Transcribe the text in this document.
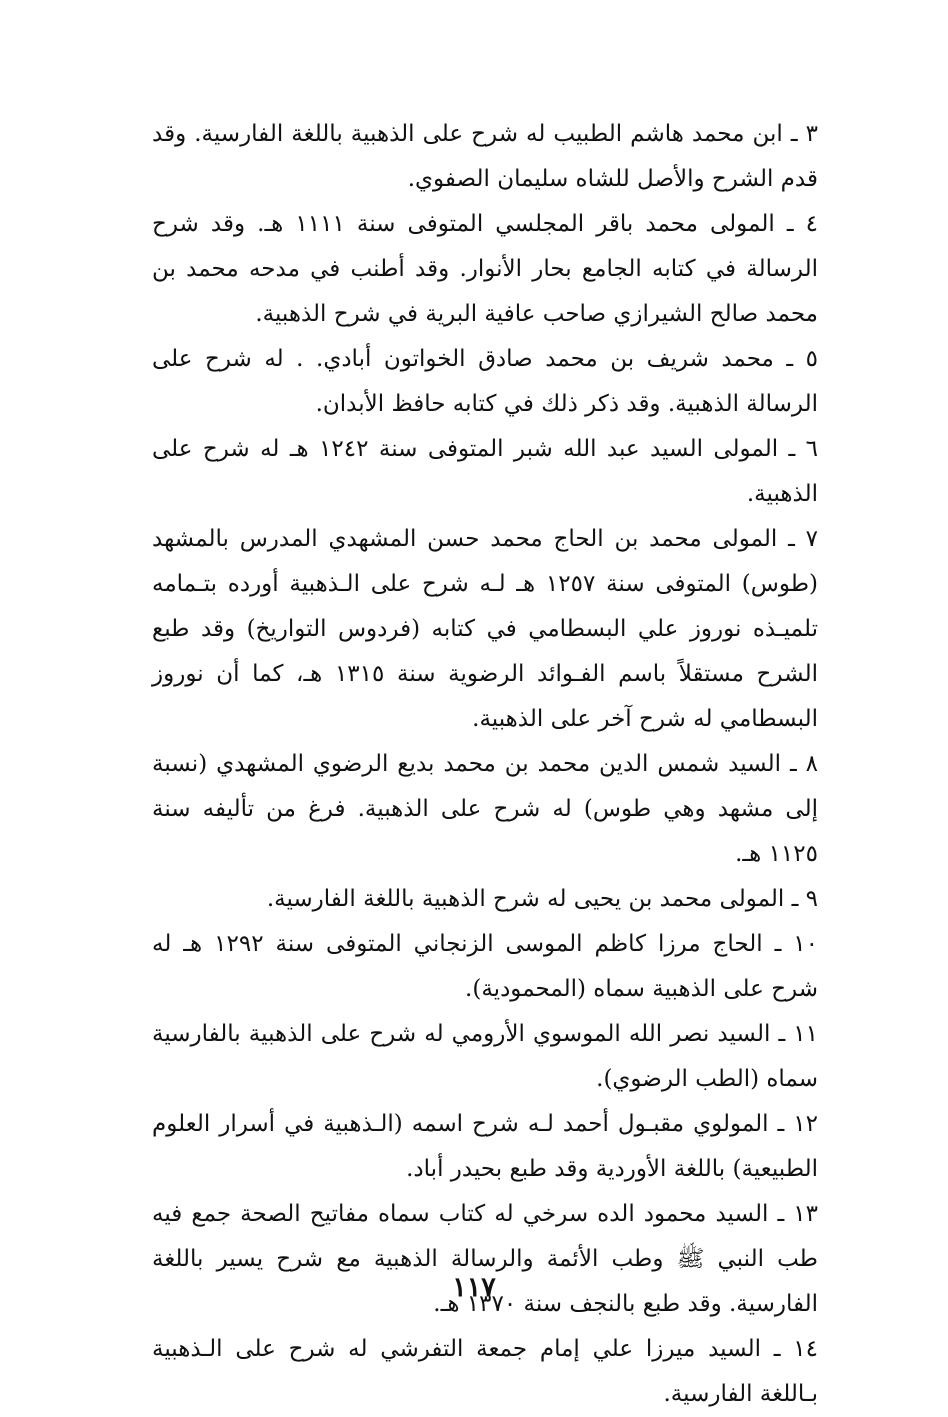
٣ ـ ابن محمد هاشم الطبيب له شرح على الذهبية باللغة الفارسية. وقد قدم الشرح والأصل للشاه سليمان الصفوي.

٤ ـ المولى محمد باقر المجلسي المتوفى سنة ١١١١ هـ. وقد شرح الرسالة في كتابه الجامع بحار الأنوار. وقد أطنب في مدحه محمد بن محمد صالح الشيرازي صاحب عافية البرية في شرح الذهبية.

٥ ـ محمد شريف بن محمد صادق الخواتون أبادي. . له شرح على الرسالة الذهبية. وقد ذكر ذلك في كتابه حافظ الأبدان.

٦ ـ المولى السيد عبد الله شبر المتوفى سنة ١٢٤٢ هـ له شرح على الذهبية.

٧ ـ المولى محمد بن الحاج محمد حسن المشهدي المدرس بالمشهد (طوس) المتوفى سنة ١٢٥٧ هـ لـه شرح على الـذهبية أورده بتـمامه تلميـذه نوروز علي البسطامي في كتابه (فردوس التواريخ) وقد طبع الشرح مستقلاً باسم الفـوائد الرضوية سنة ١٣١٥ هـ، كما أن نوروز البسطامي له شرح آخر على الذهبية.

٨ ـ السيد شمس الدين محمد بن محمد بديع الرضوي المشهدي (نسبة إلى مشهد وهي طوس) له شرح على الذهبية. فرغ من تأليفه سنة ١١٢٥ هـ.

٩ ـ المولى محمد بن يحيى له شرح الذهبية باللغة الفارسية.

١٠ ـ الحاج مرزا كاظم الموسى الزنجاني المتوفى سنة ١٢٩٢ هـ له شرح على الذهبية سماه (المحمودية).

١١ ـ السيد نصر الله الموسوي الأرومي له شرح على الذهبية بالفارسية سماه (الطب الرضوي).

١٢ ـ المولوي مقبـول أحمد لـه شرح اسمه (الـذهبية في أسرار العلوم الطبيعية) باللغة الأوردية وقد طبع بحيدر أباد.

١٣ ـ السيد محمود الده سرخي له كتاب سماه مفاتيح الصحة جمع فيه طب النبي ﷺ وطب الأئمة والرسالة الذهبية مع شرح يسير باللغة الفارسية. وقد طبع بالنجف سنة ١٣٧٠ هـ.

١٤ ـ السيد ميرزا علي إمام جمعة التفرشي له شرح على الـذهبية بـاللغة الفارسية.

١١٧
